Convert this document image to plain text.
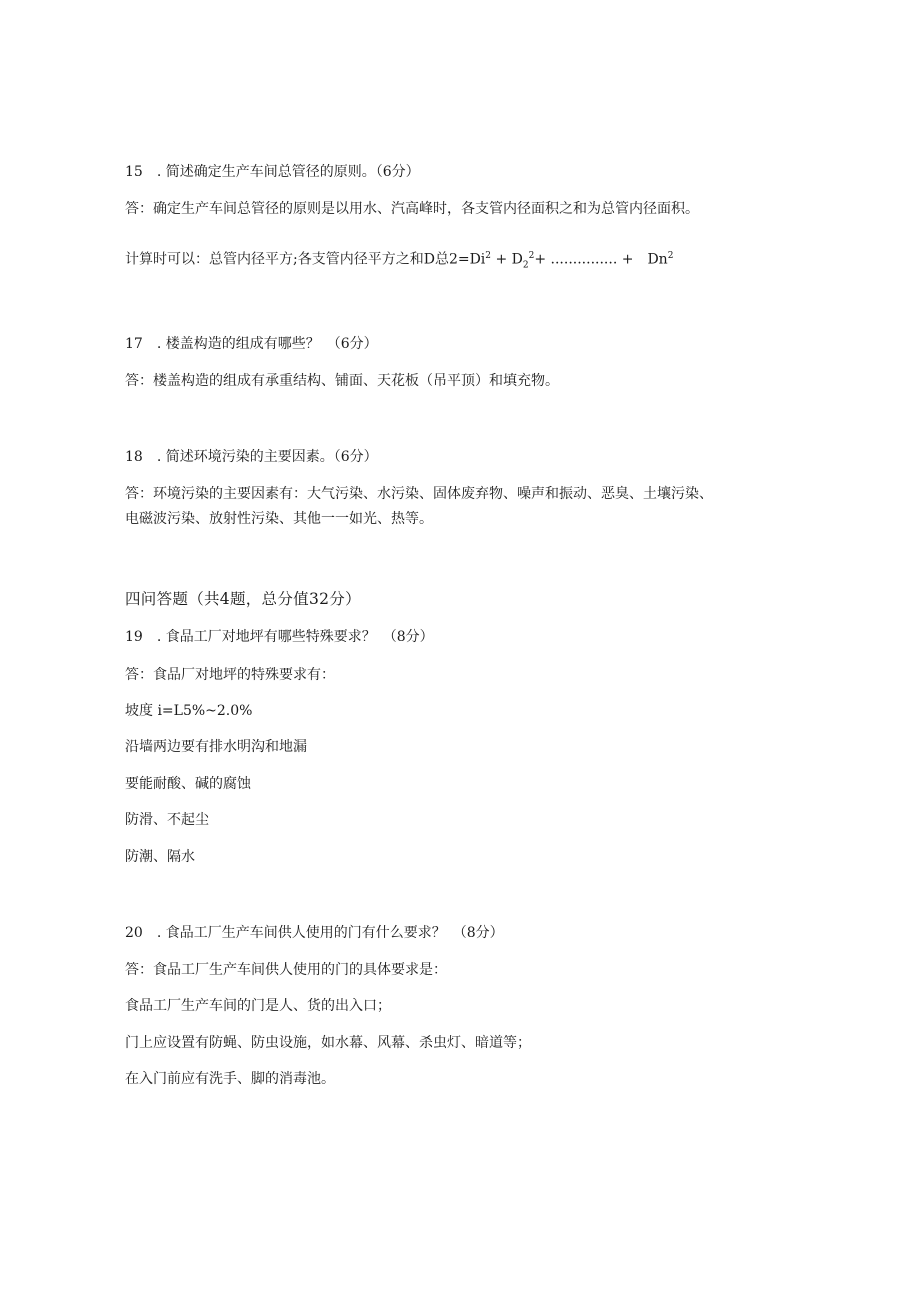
15　. 简述确定生产车间总管径的原则。（6分）
答：确定生产车间总管径的原则是以用水、汽高峰时，各支管内径面积之和为总管内径面积。
计算时可以：总管内径平方;各支管内径平方之和D总$2=Di^2 + D_2^2+$ ............... +　$Dn^2$
17　. 楼盖构造的组成有哪些？　（6分）
答：楼盖构造的组成有承重结构、铺面、天花板（吊平顶）和填充物。
18　. 简述环境污染的主要因素。（6分）
答：环境污染的主要因素有：大气污染、水污染、固体废弃物、噪声和振动、恶臭、土壤污染、
电磁波污染、放射性污染、其他一一如光、热等。
四问答题（共4题，总分值32分）
19　. 食品工厂对地坪有哪些特殊要求？　（8分）
答：食品厂对地坪的特殊要求有：
坡度 i=L5%~2.0%
沿墙两边要有排水明沟和地漏
要能耐酸、碱的腐蚀
防滑、不起尘
防潮、隔水
20　. 食品工厂生产车间供人使用的门有什么要求？　（8分）
答：食品工厂生产车间供人使用的门的具体要求是：
食品工厂生产车间的门是人、货的出入口；
门上应设置有防蝇、防虫设施，如水幕、风幕、杀虫灯、暗道等；
在入门前应有洗手、脚的消毒池。
